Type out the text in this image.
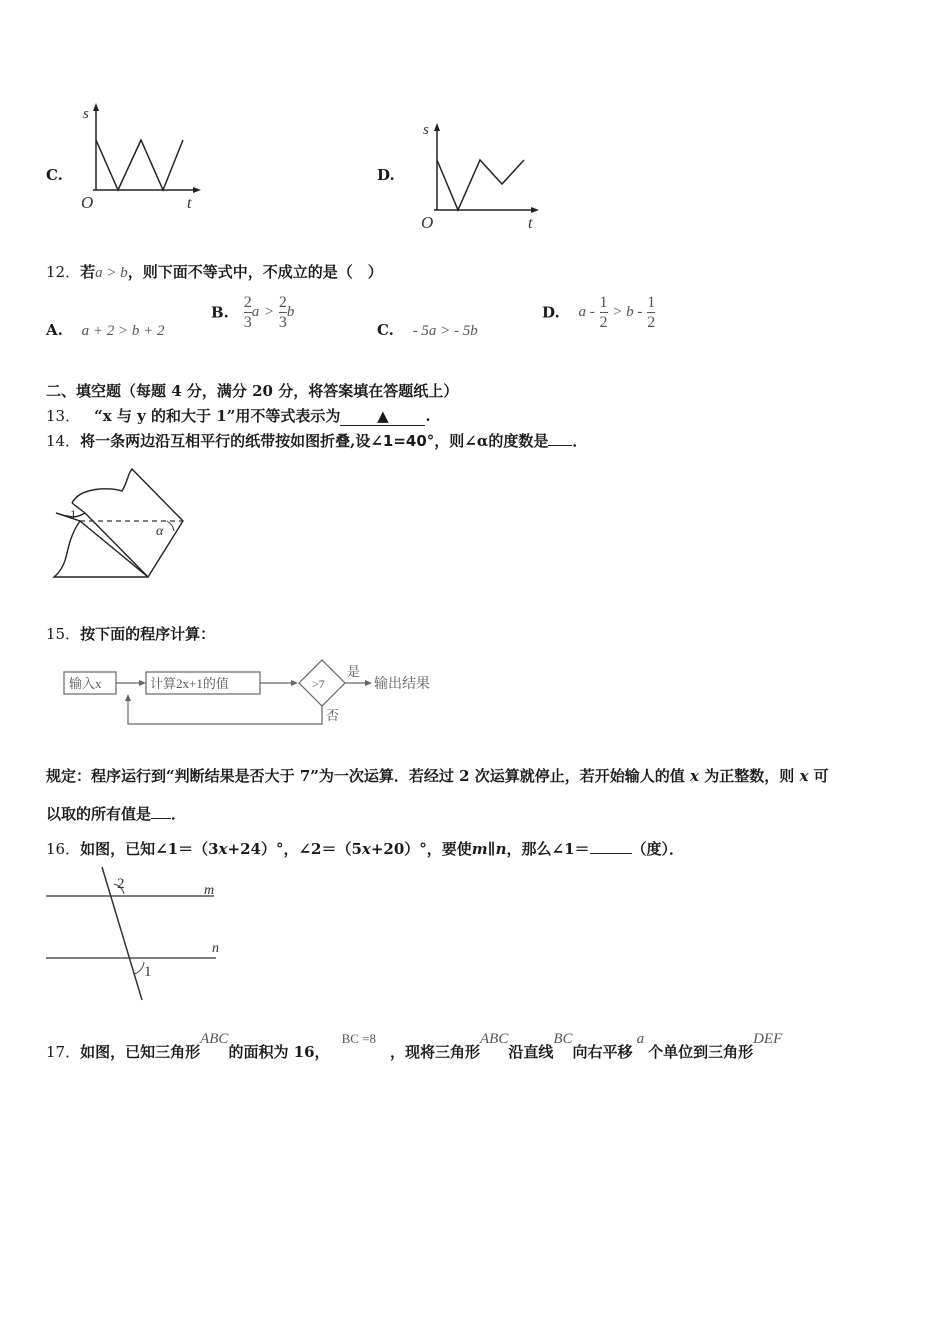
C.
s
O	t
D.
s
O	t
12．若a > b，则下面不等式中，不成立的是（　）
A. a + 2 > b + 2
B. $\frac{2}{3}$ $a > \frac{2}{3}$ b
C. - 5a > - 5b
D. $a - \frac{1}{2} > b - \frac{1}{2}$
二、填空题（每题 4 分，满分 20 分，将答案填在答题纸上）
13． “x 与 y 的和大于 1”用不等式表示为 ▲ .
14．将一条两边沿互相平行的纸带按如图折叠,设∠1=40°，则∠α的度数是 ．
1
α
15．按下面的程序计算：
输入x	计算2x+1的值	>7
是
输出结果
否
规定：程序运行到“判断结果是否大于 7”为一次运算．若经过 2 次运算就停止，若开始输人的值 x 为正整数，则 x 可
以取的所有值是 ．
16．如图，已知∠1＝（3x+24）°，∠2＝（5x+20）°，要使m∥n，那么∠1＝	（度）．
2
1
m
n
17．如图，已知三角形ABC的面积为 16，BC =8，现将三角形ABC沿直线BC向右平移a个单位到三角形DEF
